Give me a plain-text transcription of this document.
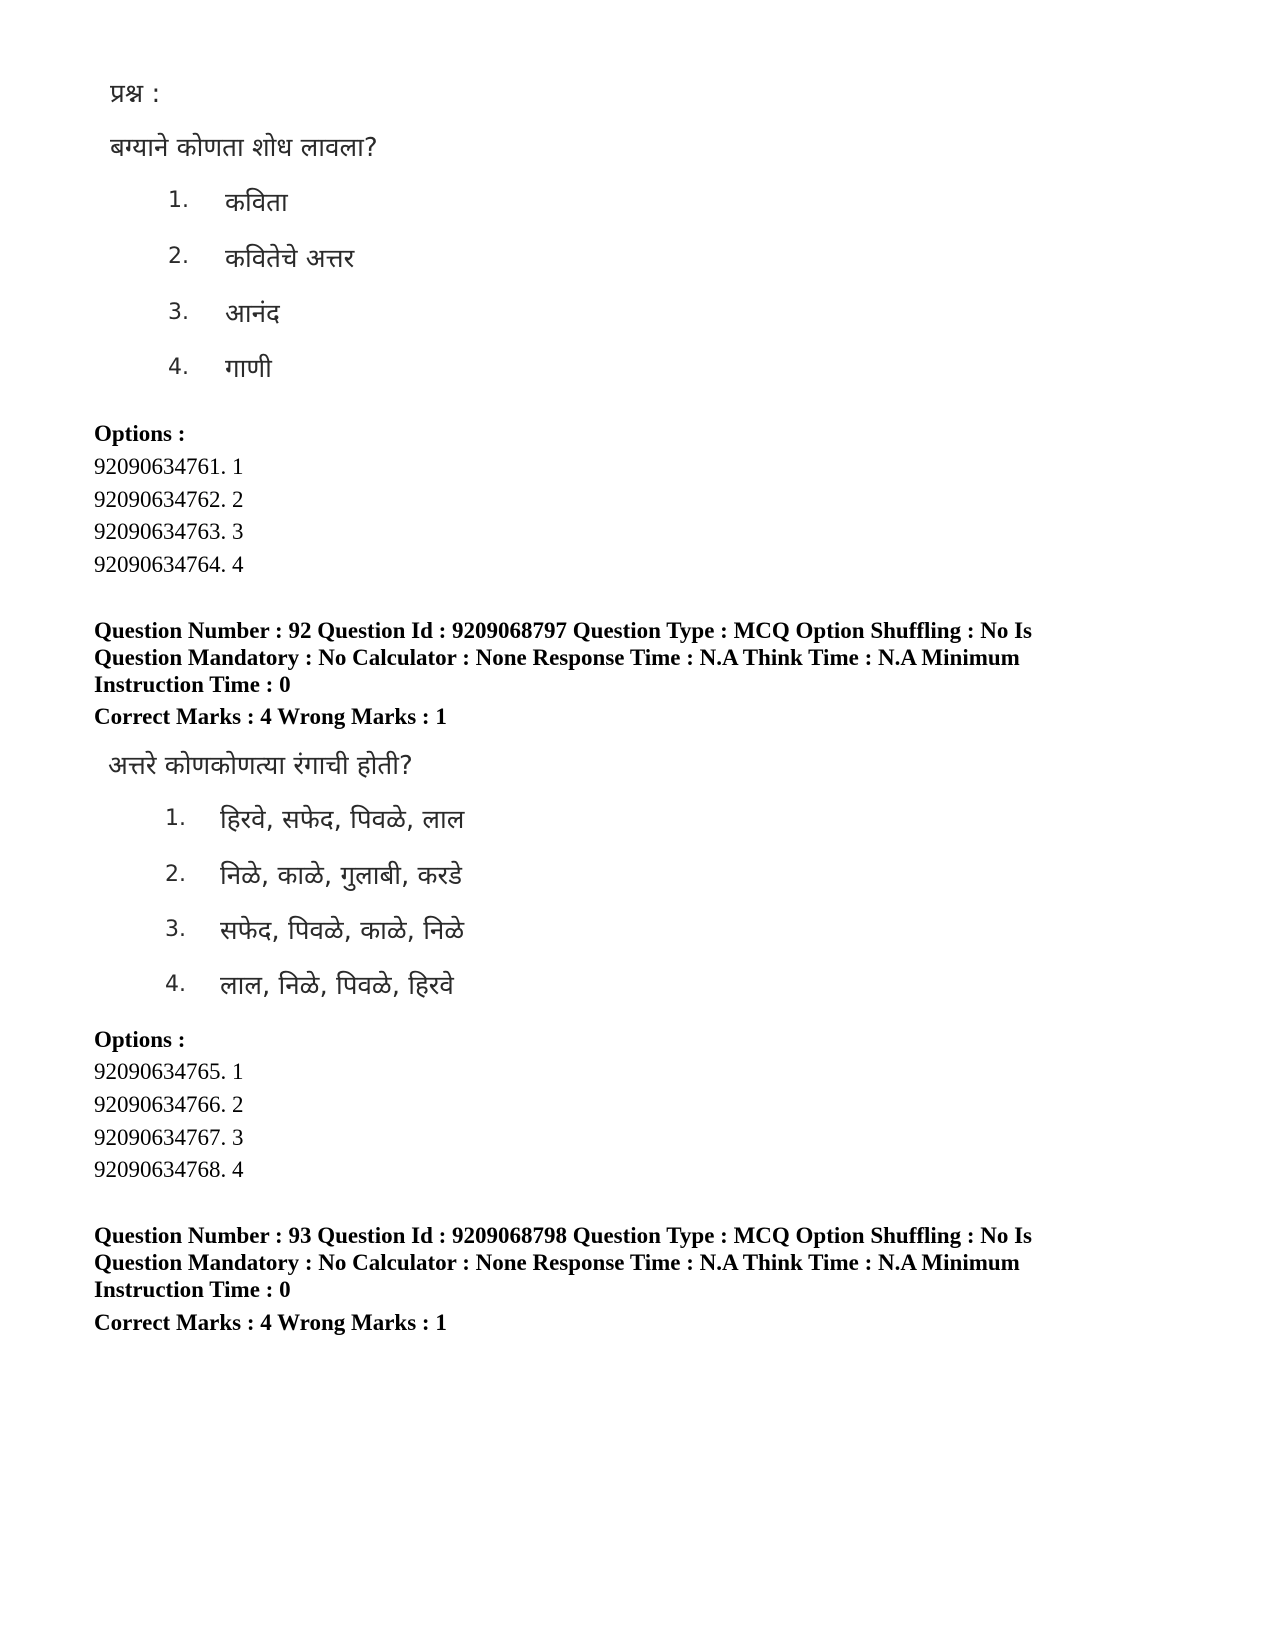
प्रश्न :
बग्याने कोणता शोध लावला?
1. कविता
2. कवितेचे अत्तर
3. आनंद
4. गाणी
Options :
92090634761. 1
92090634762. 2
92090634763. 3
92090634764. 4
Question Number : 92 Question Id : 9209068797 Question Type : MCQ Option Shuffling : No Is
Question Mandatory : No Calculator : None Response Time : N.A Think Time : N.A Minimum
Instruction Time : 0
Correct Marks : 4 Wrong Marks : 1
अत्तरे कोणकोणत्या रंगाची होती?
1. हिरवे, सफेद, पिवळे, लाल
2. निळे, काळे, गुलाबी, करडे
3. सफेद, पिवळे, काळे, निळे
4. लाल, निळे, पिवळे, हिरवे
Options :
92090634765. 1
92090634766. 2
92090634767. 3
92090634768. 4
Question Number : 93 Question Id : 9209068798 Question Type : MCQ Option Shuffling : No Is
Question Mandatory : No Calculator : None Response Time : N.A Think Time : N.A Minimum
Instruction Time : 0
Correct Marks : 4 Wrong Marks : 1
